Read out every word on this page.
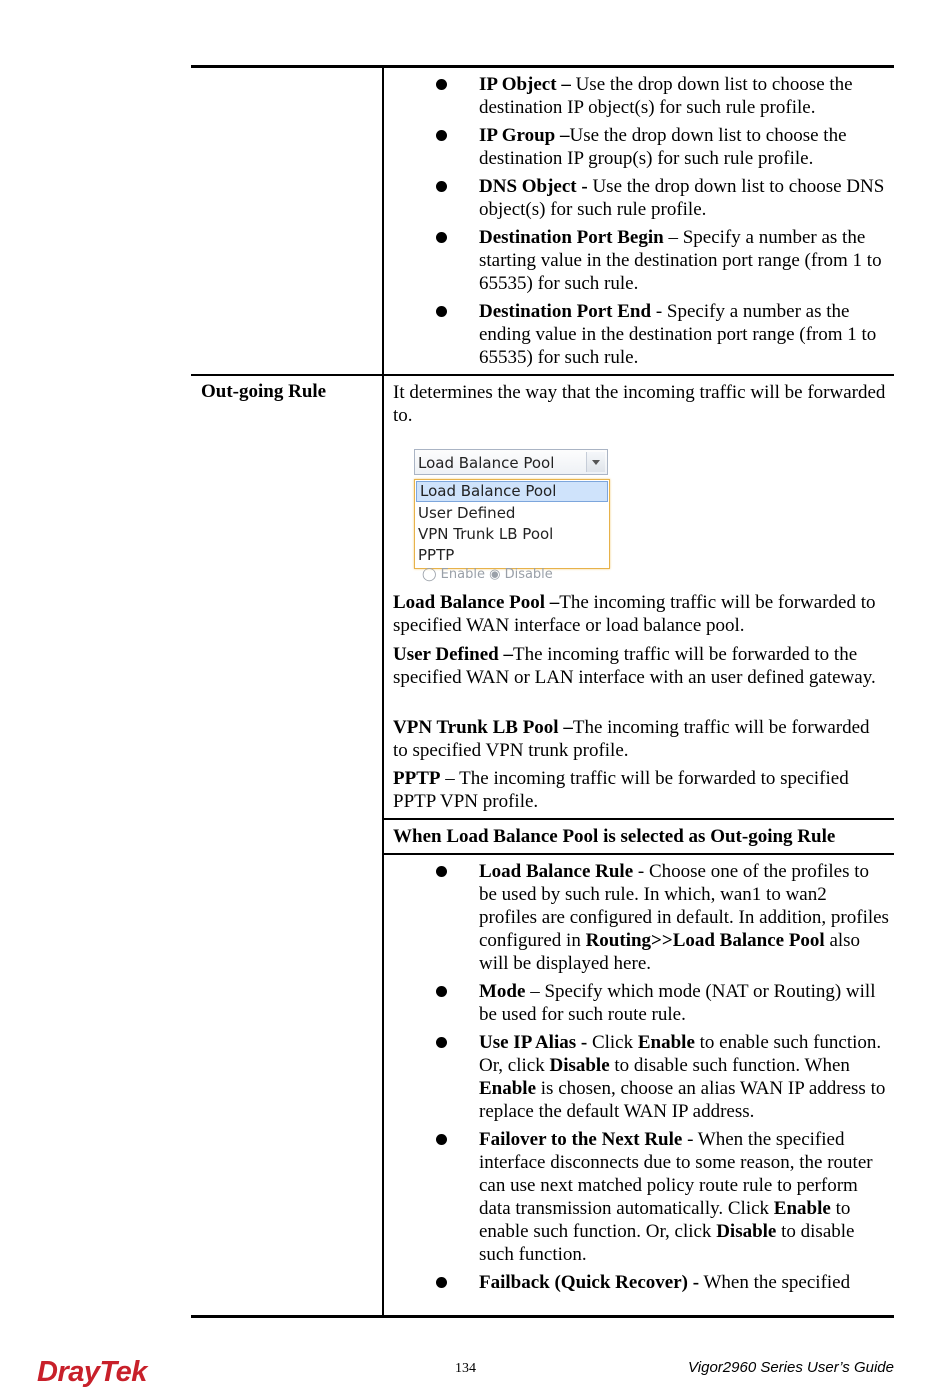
IP Object – Use the drop down list to choose the destination IP object(s) for such rule profile.
IP Group –Use the drop down list to choose the destination IP group(s) for such rule profile.
DNS Object - Use the drop down list to choose DNS object(s) for such rule profile.
Destination Port Begin – Specify a number as the starting value in the destination port range (from 1 to 65535) for such rule.
Destination Port End - Specify a number as the ending value in the destination port range (from 1 to 65535) for such rule.
Out-going Rule	It determines the way that the incoming traffic will be forwarded to.

Load Balance Pool
Load Balance Pool
User Defined
VPN Trunk LB Pool
PPTP
◯ Enable ◉ Disable

Load Balance Pool –The incoming traffic will be forwarded to specified WAN interface or load balance pool.

User Defined –The incoming traffic will be forwarded to the specified WAN or LAN interface with an user defined gateway.

VPN Trunk LB Pool –The incoming traffic will be forwarded to specified VPN trunk profile.

PPTP – The incoming traffic will be forwarded to specified PPTP VPN profile.

When Load Balance Pool is selected as Out-going Rule
Load Balance Rule - Choose one of the profiles to be used by such rule. In which, wan1 to wan2 profiles are configured in default. In addition, profiles configured in Routing>>Load Balance Pool also will be displayed here.
Mode – Specify which mode (NAT or Routing) will be used for such route rule.
Use IP Alias - Click Enable to enable such function. Or, click Disable to disable such function. When Enable is chosen, choose an alias WAN IP address to replace the default WAN IP address.
Failover to the Next Rule - When the specified interface disconnects due to some reason, the router can use next matched policy route rule to perform data transmission automatically. Click Enable to enable such function. Or, click Disable to disable such function.
Failback (Quick Recover) - When the specified
DrayTek	134	Vigor2960 Series User’s Guide
